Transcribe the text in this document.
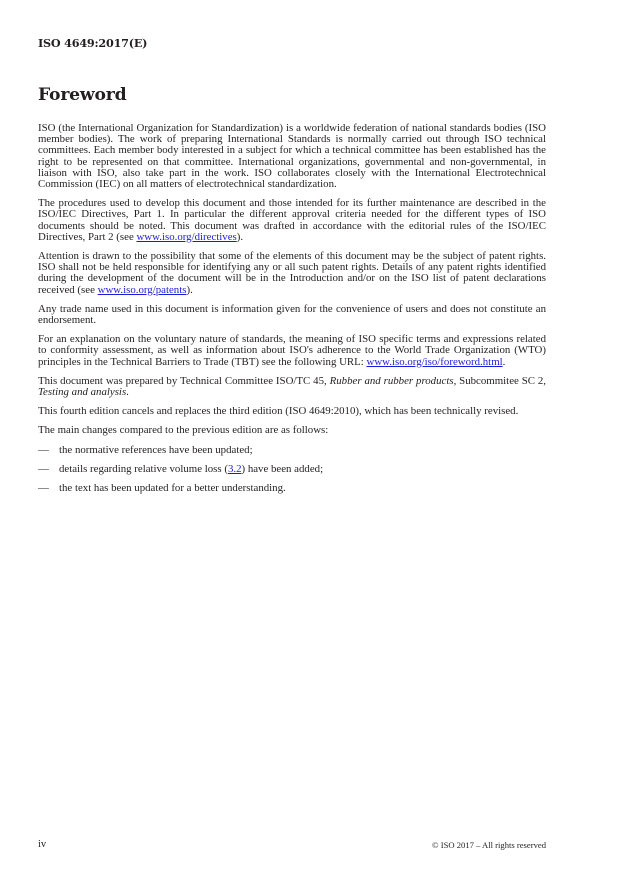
ISO 4649:2017(E)
Foreword

ISO (the International Organization for Standardization) is a worldwide federation of national standards bodies (ISO member bodies). The work of preparing International Standards is normally carried out through ISO technical committees. Each member body interested in a subject for which a technical committee has been established has the right to be represented on that committee. International organizations, governmental and non-governmental, in liaison with ISO, also take part in the work. ISO collaborates closely with the International Electrotechnical Commission (IEC) on all matters of electrotechnical standardization.

The procedures used to develop this document and those intended for its further maintenance are described in the ISO/IEC Directives, Part 1. In particular the different approval criteria needed for the different types of ISO documents should be noted. This document was drafted in accordance with the editorial rules of the ISO/IEC Directives, Part 2 (see www.iso.org/directives).

Attention is drawn to the possibility that some of the elements of this document may be the subject of patent rights. ISO shall not be held responsible for identifying any or all such patent rights. Details of any patent rights identified during the development of the document will be in the Introduction and/or on the ISO list of patent declarations received (see www.iso.org/patents).

Any trade name used in this document is information given for the convenience of users and does not constitute an endorsement.

For an explanation on the voluntary nature of standards, the meaning of ISO specific terms and expressions related to conformity assessment, as well as information about ISO's adherence to the World Trade Organization (WTO) principles in the Technical Barriers to Trade (TBT) see the following URL: www.iso.org/iso/foreword.html.

This document was prepared by Technical Committee ISO/TC 45, Rubber and rubber products, Subcommitee SC 2, Testing and analysis.

This fourth edition cancels and replaces the third edition (ISO 4649:2010), which has been technically revised.

The main changes compared to the previous edition are as follows:

— the normative references have been updated;
— details regarding relative volume loss (3.2) have been added;
— the text has been updated for a better understanding.
iv	© ISO 2017 – All rights reserved
